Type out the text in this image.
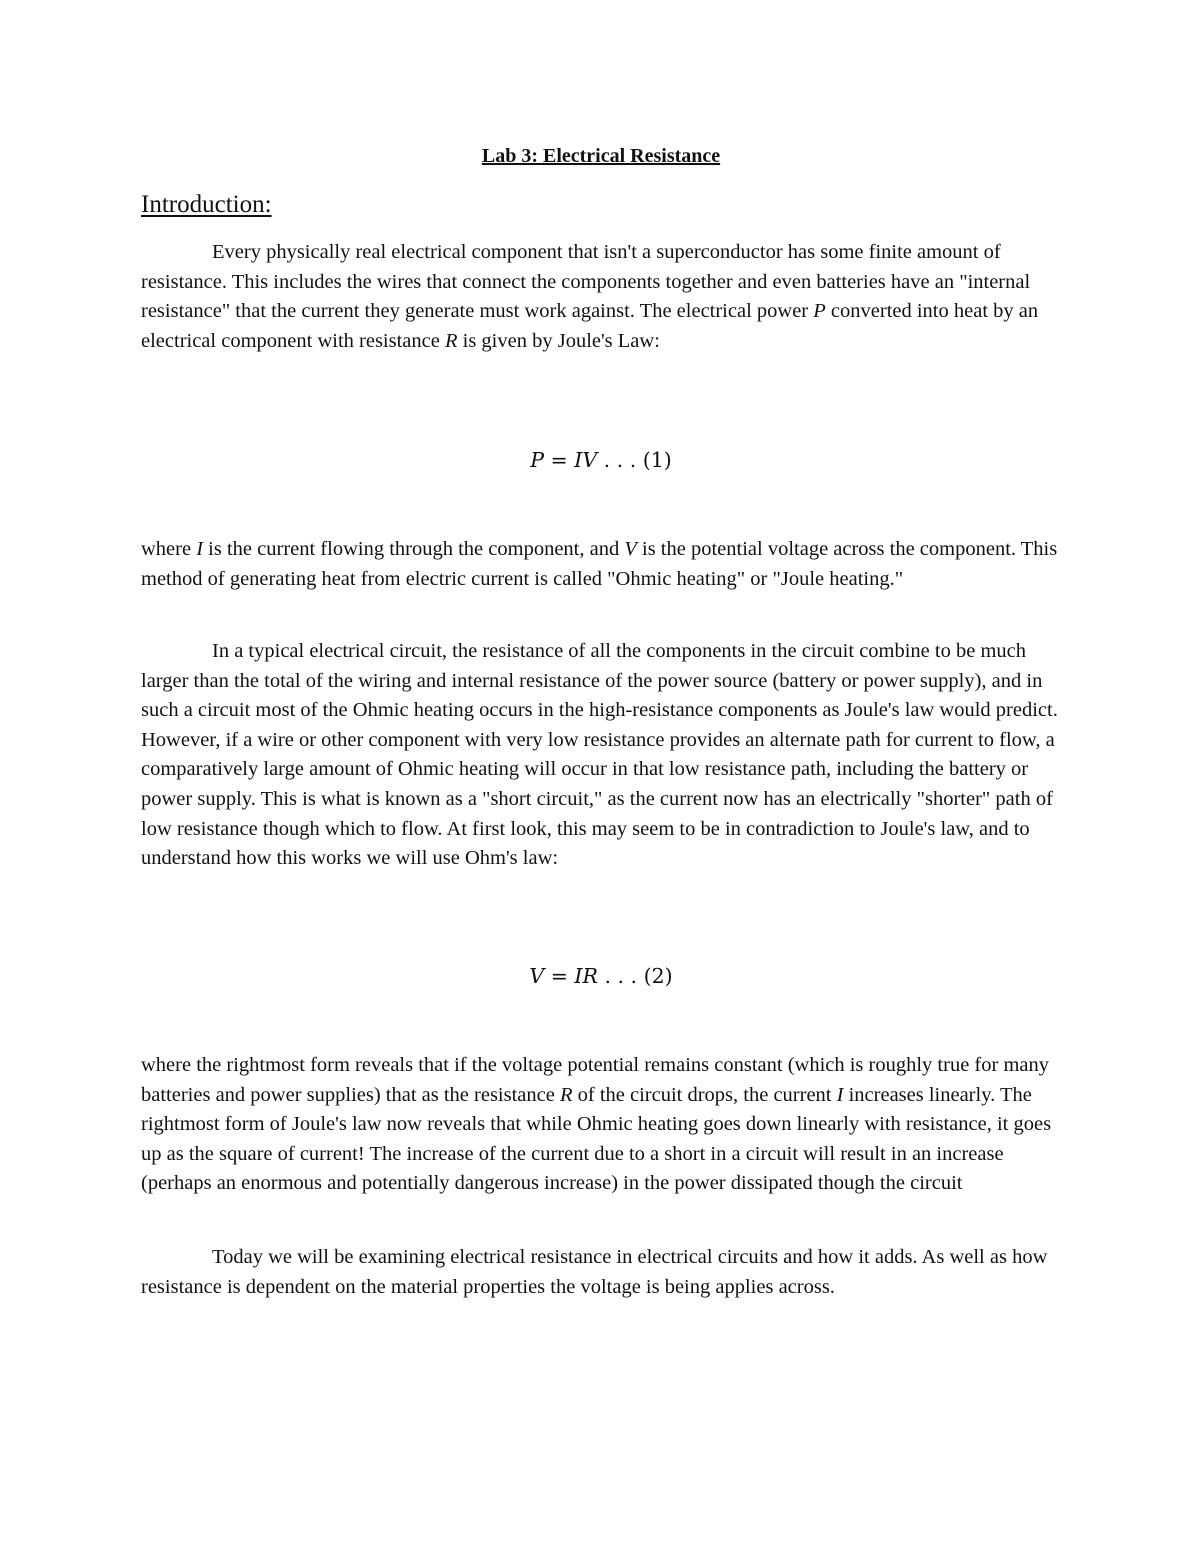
Lab 3: Electrical Resistance
Introduction:

Every physically real electrical component that isn't a superconductor has some finite amount of resistance. This includes the wires that connect the components together and even batteries have an "internal resistance" that the current they generate must work against. The electrical power P converted into heat by an electrical component with resistance R is given by Joule's Law:

P = IV . . . (1)

where I is the current flowing through the component, and V is the potential voltage across the component. This method of generating heat from electric current is called "Ohmic heating" or "Joule heating."

In a typical electrical circuit, the resistance of all the components in the circuit combine to be much larger than the total of the wiring and internal resistance of the power source (battery or power supply), and in such a circuit most of the Ohmic heating occurs in the high-resistance components as Joule's law would predict. However, if a wire or other component with very low resistance provides an alternate path for current to flow, a comparatively large amount of Ohmic heating will occur in that low resistance path, including the battery or power supply. This is what is known as a "short circuit," as the current now has an electrically "shorter" path of low resistance though which to flow. At first look, this may seem to be in contradiction to Joule's law, and to understand how this works we will use Ohm's law:

V = IR . . . (2)

where the rightmost form reveals that if the voltage potential remains constant (which is roughly true for many batteries and power supplies) that as the resistance R of the circuit drops, the current I increases linearly. The rightmost form of Joule's law now reveals that while Ohmic heating goes down linearly with resistance, it goes up as the square of current! The increase of the current due to a short in a circuit will result in an increase (perhaps an enormous and potentially dangerous increase) in the power dissipated though the circuit

Today we will be examining electrical resistance in electrical circuits and how it adds. As well as how resistance is dependent on the material properties the voltage is being applies across.
